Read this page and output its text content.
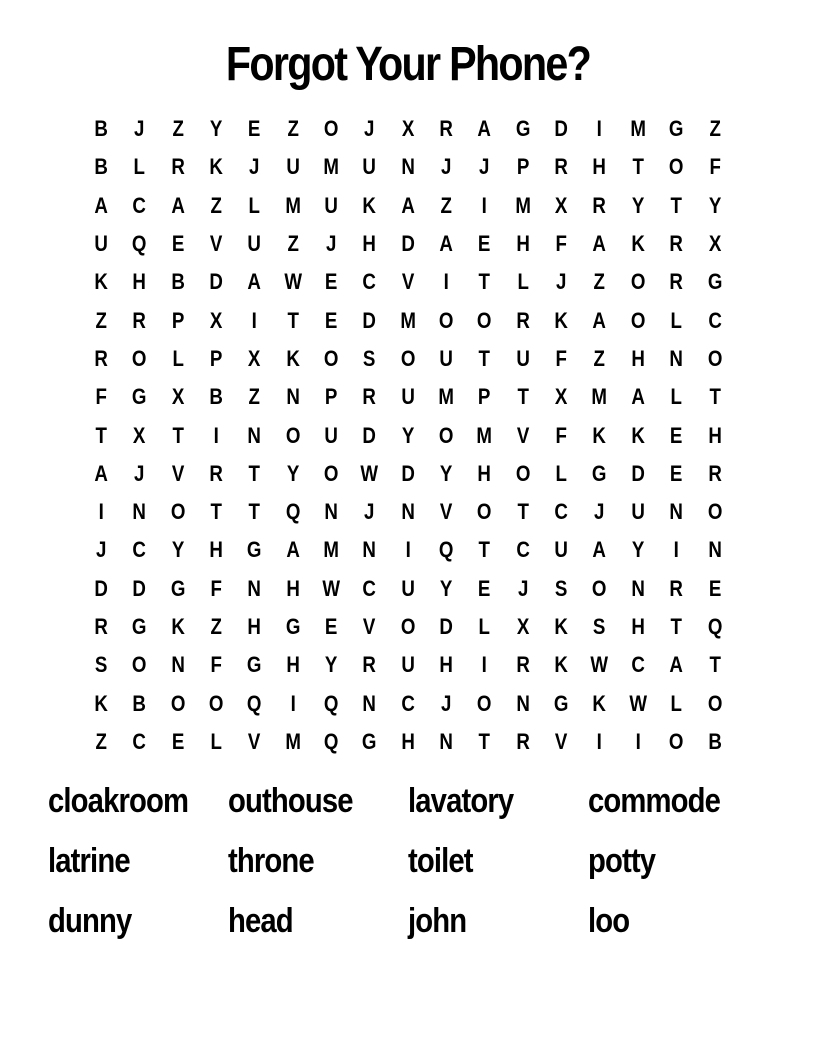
Forgot Your Phone?
B	J	Z	Y	E	Z	O	J	X	R	A	G	D	I	M	G	Z
B	L	R	K	J	U	M	U	N	J	J	P	R	H	T	O	F
A	C	A	Z	L	M	U	K	A	Z	I	M	X	R	Y	T	Y
U	Q	E	V	U	Z	J	H	D	A	E	H	F	A	K	R	X
K	H	B	D	A	W	E	C	V	I	T	L	J	Z	O	R	G
Z	R	P	X	I	T	E	D	M	O	O	R	K	A	O	L	C
R	O	L	P	X	K	O	S	O	U	T	U	F	Z	H	N	O
F	G	X	B	Z	N	P	R	U	M	P	T	X	M	A	L	T
T	X	T	I	N	O	U	D	Y	O	M	V	F	K	K	E	H
A	J	V	R	T	Y	O	W	D	Y	H	O	L	G	D	E	R
I	N	O	T	T	Q	N	J	N	V	O	T	C	J	U	N	O
J	C	Y	H	G	A	M	N	I	Q	T	C	U	A	Y	I	N
D	D	G	F	N	H	W	C	U	Y	E	J	S	O	N	R	E
R	G	K	Z	H	G	E	V	O	D	L	X	K	S	H	T	Q
S	O	N	F	G	H	Y	R	U	H	I	R	K	W	C	A	T
K	B	O	O	Q	I	Q	N	C	J	O	N	G	K	W	L	O
Z	C	E	L	V	M	Q	G	H	N	T	R	V	I	I	O	B
cloakroom	outhouse	lavatory	commode
latrine	throne	toilet	potty
dunny	head	john	loo
